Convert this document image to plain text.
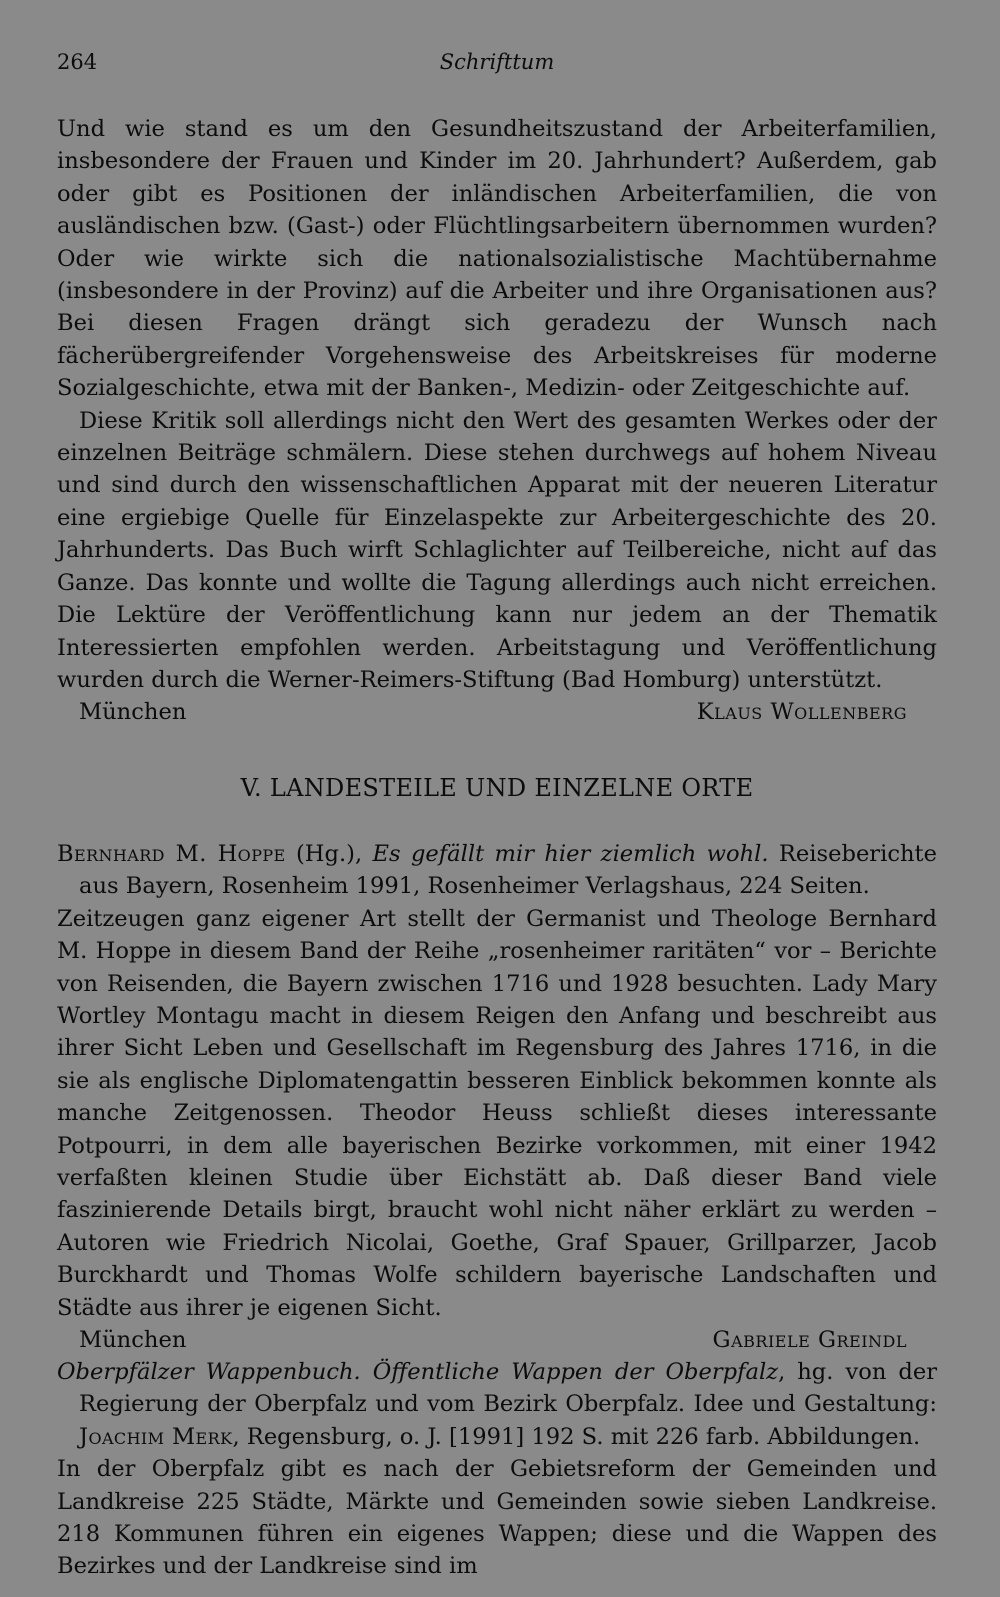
264	Schrifttum

Und wie stand es um den Gesundheitszustand der Arbeiterfamilien, insbesondere der Frauen und Kinder im 20. Jahrhundert? Außerdem, gab oder gibt es Positionen der inländischen Arbeiterfamilien, die von ausländischen bzw. (Gast-) oder Flüchtlingsarbeitern übernommen wurden? Oder wie wirkte sich die nationalsozialistische Machtübernahme (insbesondere in der Provinz) auf die Arbeiter und ihre Organisationen aus? Bei diesen Fragen drängt sich geradezu der Wunsch nach fächerübergreifender Vorgehensweise des Arbeitskreises für moderne Sozialgeschichte, etwa mit der Banken-, Medizin- oder Zeitgeschichte auf.

Diese Kritik soll allerdings nicht den Wert des gesamten Werkes oder der einzelnen Beiträge schmälern. Diese stehen durchwegs auf hohem Niveau und sind durch den wissenschaftlichen Apparat mit der neueren Literatur eine ergiebige Quelle für Einzelaspekte zur Arbeitergeschichte des 20. Jahrhunderts. Das Buch wirft Schlaglichter auf Teilbereiche, nicht auf das Ganze. Das konnte und wollte die Tagung allerdings auch nicht erreichen. Die Lektüre der Veröffentlichung kann nur jedem an der Thematik Interessierten empfohlen werden. Arbeitstagung und Veröffentlichung wurden durch die Werner-Reimers-Stiftung (Bad Homburg) unterstützt.

München	Klaus Wollenberg
V. LANDESTEILE UND EINZELNE ORTE

Bernhard M. Hoppe (Hg.), Es gefällt mir hier ziemlich wohl. Reiseberichte aus Bayern, Rosenheim 1991, Rosenheimer Verlagshaus, 224 Seiten.

Zeitzeugen ganz eigener Art stellt der Germanist und Theologe Bernhard M. Hoppe in diesem Band der Reihe „rosenheimer raritäten“ vor – Berichte von Reisenden, die Bayern zwischen 1716 und 1928 besuchten. Lady Mary Wortley Montagu macht in diesem Reigen den Anfang und beschreibt aus ihrer Sicht Leben und Gesellschaft im Regensburg des Jahres 1716, in die sie als englische Diplomatengattin besseren Einblick bekommen konnte als manche Zeitgenossen. Theodor Heuss schließt dieses interessante Potpourri, in dem alle bayerischen Bezirke vorkommen, mit einer 1942 verfaßten kleinen Studie über Eichstätt ab. Daß dieser Band viele faszinierende Details birgt, braucht wohl nicht näher erklärt zu werden – Autoren wie Friedrich Nicolai, Goethe, Graf Spauer, Grillparzer, Jacob Burckhardt und Thomas Wolfe schildern bayerische Landschaften und Städte aus ihrer je eigenen Sicht.

München	Gabriele Greindl

Oberpfälzer Wappenbuch. Öffentliche Wappen der Oberpfalz, hg. von der Regierung der Oberpfalz und vom Bezirk Oberpfalz. Idee und Gestaltung: Joachim Merk, Regensburg, o. J. [1991] 192 S. mit 226 farb. Abbildungen.

In der Oberpfalz gibt es nach der Gebietsreform der Gemeinden und Landkreise 225 Städte, Märkte und Gemeinden sowie sieben Landkreise. 218 Kommunen führen ein eigenes Wappen; diese und die Wappen des Bezirkes und der Landkreise sind im
